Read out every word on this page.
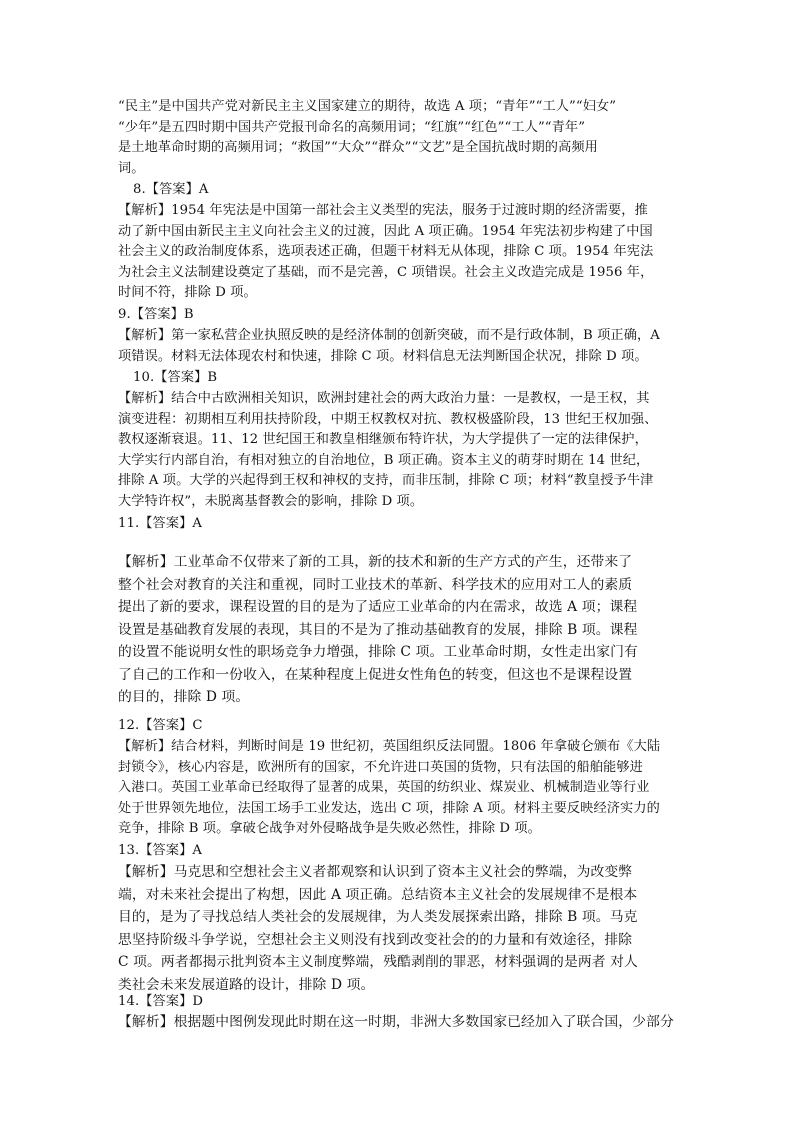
“民主”是中国共产党对新民主主义国家建立的期待，故选 A 项；“青年”“工人”“妇女”
“少年”是五四时期中国共产党报刊命名的高频用词；“红旗”“红色”“工人”“青年”
是土地革命时期的高频用词；“救国”“大众”“群众”“文艺”是全国抗战时期的高频用
词。
8.【答案】A
【解析】1954 年宪法是中国第一部社会主义类型的宪法，服务于过渡时期的经济需要，推
动了新中国由新民主主义向社会主义的过渡，因此 A 项正确。1954 年宪法初步构建了中国
社会主义的政治制度体系，选项表述正确，但题干材料无从体现，排除 C 项。1954 年宪法
为社会主义法制建设奠定了基础，而不是完善，C 项错误。社会主义改造完成是 1956 年，
时间不符，排除 D 项。
9.【答案】B
【解析】第一家私营企业执照反映的是经济体制的创新突破，而不是行政体制，B 项正确，A
项错误。材料无法体现农村和快速，排除 C 项。材料信息无法判断国企状况，排除 D 项。
10.【答案】B
【解析】结合中古欧洲相关知识，欧洲封建社会的两大政治力量：一是教权，一是王权，其
演变进程：初期相互利用扶持阶段，中期王权教权对抗、教权极盛阶段，13 世纪王权加强、
教权逐渐衰退。11、12 世纪国王和教皇相继颁布特许状，为大学提供了一定的法律保护，
大学实行内部自治，有相对独立的自治地位，B 项正确。资本主义的萌芽时期在 14 世纪，
排除 A 项。大学的兴起得到王权和神权的支持，而非压制，排除 C 项；材料“教皇授予牛津
大学特许权”，未脱离基督教会的影响，排除 D 项。
11.【答案】A
【解析】工业革命不仅带来了新的工具，新的技术和新的生产方式的产生，还带来了
整个社会对教育的关注和重视，同时工业技术的革新、科学技术的应用对工人的素质
提出了新的要求，课程设置的目的是为了适应工业革命的内在需求，故选 A 项；课程
设置是基础教育发展的表现，其目的不是为了推动基础教育的发展，排除 B 项。课程
的设置不能说明女性的职场竞争力增强，排除 C 项。工业革命时期，女性走出家门有
了自己的工作和一份收入，在某种程度上促进女性角色的转变，但这也不是课程设置
的目的，排除 D 项。
12.【答案】C
【解析】结合材料，判断时间是 19 世纪初，英国组织反法同盟。1806 年拿破仑颁布《大陆
封锁令》，核心内容是，欧洲所有的国家，不允许进口英国的货物，只有法国的船舶能够进
入港口。英国工业革命已经取得了显著的成果，英国的纺织业、煤炭业、机械制造业等行业
处于世界领先地位，法国工场手工业发达，选出 C 项，排除 A 项。材料主要反映经济实力的
竞争，排除 B 项。拿破仑战争对外侵略战争是失败必然性，排除 D 项。
13.【答案】A
【解析】马克思和空想社会主义者都观察和认识到了资本主义社会的弊端，为改变弊
端，对未来社会提出了构想，因此 A 项正确。总结资本主义社会的发展规律不是根本
目的，是为了寻找总结人类社会的发展规律，为人类发展探索出路，排除 B 项。马克
思坚持阶级斗争学说，空想社会主义则没有找到改变社会的的力量和有效途径，排除
C 项。两者都揭示批判资本主义制度弊端，残酷剥削的罪恶，材料强调的是两者 对人
类社会未来发展道路的设计，排除 D 项。
14.【答案】D
【解析】根据题中图例发现此时期在这一时期，非洲大多数国家已经加入了联合国，少部分
